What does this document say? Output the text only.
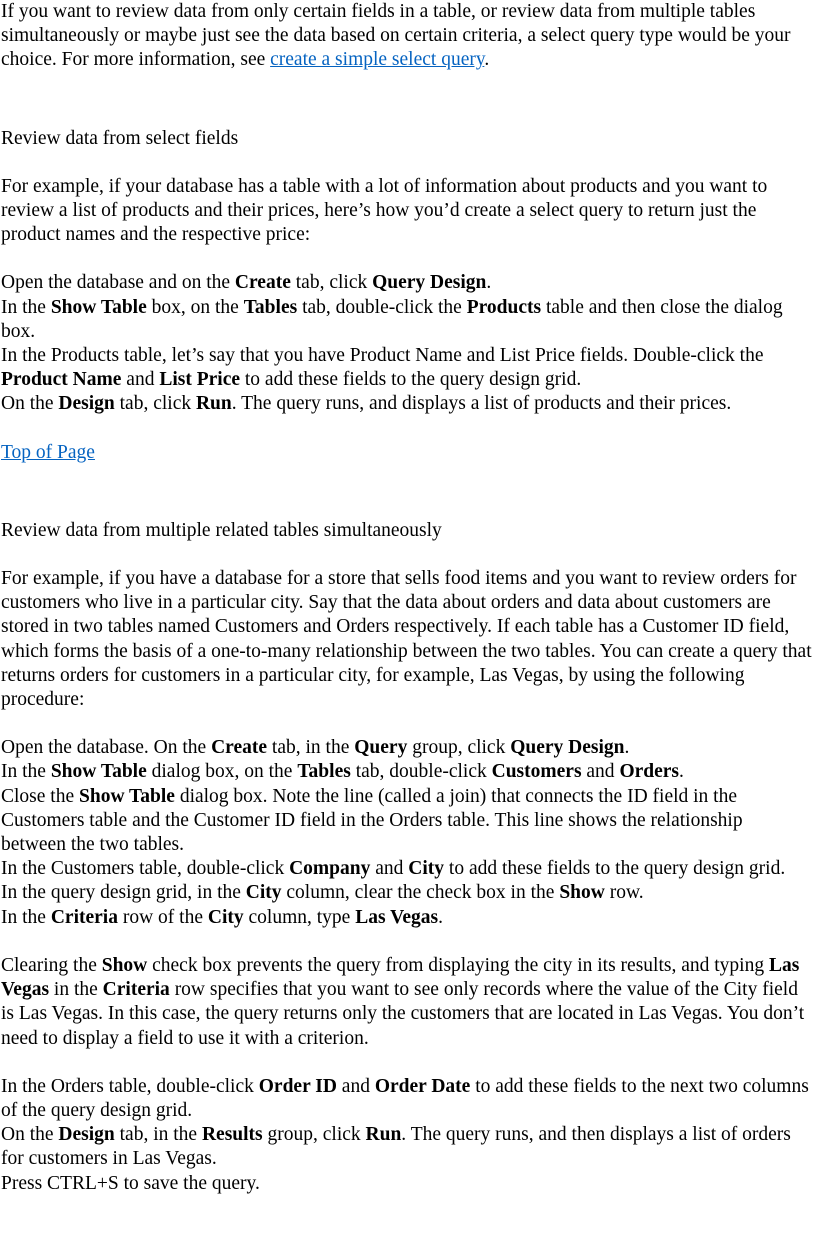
If you want to review data from only certain fields in a table, or review data from multiple tables simultaneously or maybe just see the data based on certain criteria, a select query type would be your choice. For more information, see create a simple select query.

Review data from select fields

For example, if your database has a table with a lot of information about products and you want to review a list of products and their prices, here’s how you’d create a select query to return just the product names and the respective price:

Open the database and on the Create tab, click Query Design.
In the Show Table box, on the Tables tab, double-click the Products table and then close the dialog box.
In the Products table, let’s say that you have Product Name and List Price fields. Double-click the Product Name and List Price to add these fields to the query design grid.
On the Design tab, click Run. The query runs, and displays a list of products and their prices.

Top of Page

Review data from multiple related tables simultaneously

For example, if you have a database for a store that sells food items and you want to review orders for customers who live in a particular city. Say that the data about orders and data about customers are stored in two tables named Customers and Orders respectively. If each table has a Customer ID field, which forms the basis of a one-to-many relationship between the two tables. You can create a query that returns orders for customers in a particular city, for example, Las Vegas, by using the following procedure:

Open the database. On the Create tab, in the Query group, click Query Design.
In the Show Table dialog box, on the Tables tab, double-click Customers and Orders.
Close the Show Table dialog box. Note the line (called a join) that connects the ID field in the Customers table and the Customer ID field in the Orders table. This line shows the relationship between the two tables.
In the Customers table, double-click Company and City to add these fields to the query design grid.
In the query design grid, in the City column, clear the check box in the Show row.
In the Criteria row of the City column, type Las Vegas.

Clearing the Show check box prevents the query from displaying the city in its results, and typing Las Vegas in the Criteria row specifies that you want to see only records where the value of the City field is Las Vegas. In this case, the query returns only the customers that are located in Las Vegas. You don’t need to display a field to use it with a criterion.

In the Orders table, double-click Order ID and Order Date to add these fields to the next two columns of the query design grid.
On the Design tab, in the Results group, click Run. The query runs, and then displays a list of orders for customers in Las Vegas.
Press CTRL+S to save the query.
